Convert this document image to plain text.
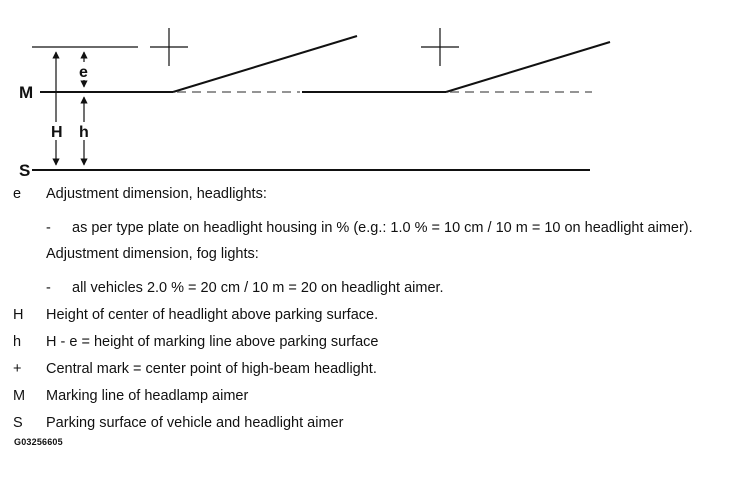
M
S
H h
e
e Adjustment dimension, headlights:
- as per type plate on headlight housing in % (e.g.: 1.0 % = 10 cm / 10 m = 10 on headlight aimer).
Adjustment dimension, fog lights:
- all vehicles 2.0 % = 20 cm / 10 m = 20 on headlight aimer.
H Height of center of headlight above parking surface.
h H - e = height of marking line above parking surface
+ Central mark = center point of high-beam headlight.
M Marking line of headlamp aimer
S Parking surface of vehicle and headlight aimer
G03256605
